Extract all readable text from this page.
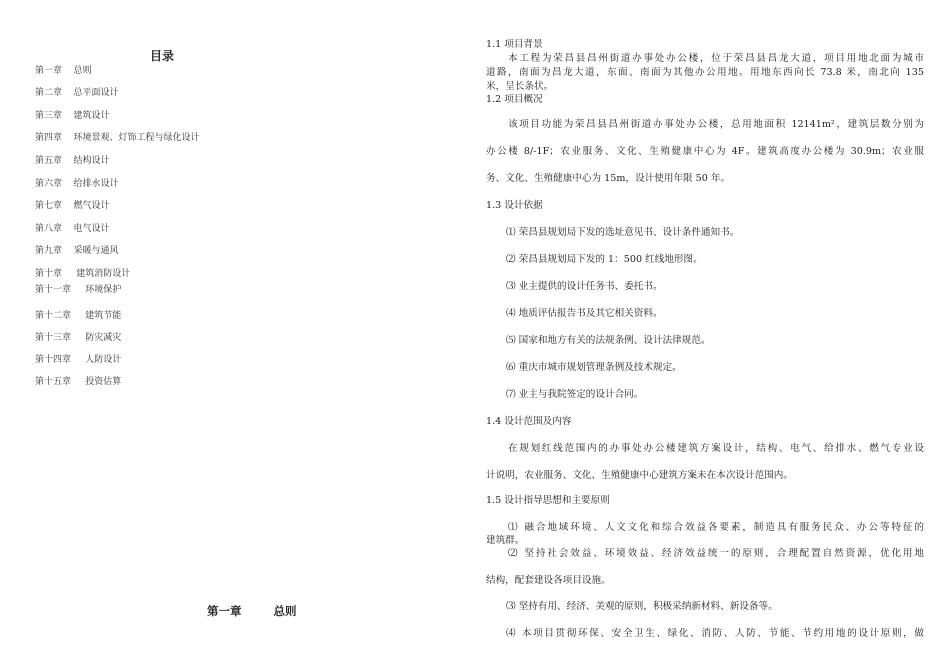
目录
第一章    总则
第二章    总平面设计
第三章    建筑设计
第四章    环境景观、灯饰工程与绿化设计
第五章    结构设计
第六章    给排水设计
第七章    燃气设计
第八章    电气设计
第九章    采暖与通风
第十章     建筑消防设计
第十一章     环境保护
第十二章     建筑节能
第十三章     防灾减灾
第十四章     人防设计
第十五章     投资估算
第一章        总则
1.1 项目背景
本工程为荣昌县昌州街道办事处办公楼，位于荣昌县昌龙大道，项目用地北面为城市
道路，南面为昌龙大道，东面、南面为其他办公用地。用地东西向长 73.8 米，南北向 135
米，呈长条状。
1.2 项目概况
该项目功能为荣昌县昌州街道办事处办公楼，总用地面积 12141m²，建筑层数分别为
办公楼 8/-1F；农业服务、文化、生殖健康中心为 4F。建筑高度办公楼为 30.9m；农业服
务、文化、生殖健康中心为 15m，设计使用年限 50 年。
1.3 设计依据
⑴ 荣昌县规划局下发的选址意见书、设计条件通知书。
⑵ 荣昌县规划局下发的 1：500 红线地形图。
⑶ 业主提供的设计任务书、委托书。
⑷ 地质评估报告书及其它相关资料。
⑸ 国家和地方有关的法规条例、设计法律规范。
⑹ 重庆市城市规划管理条例及技术规定。
⑺ 业主与我院签定的设计合同。
1.4 设计范围及内容
在规划红线范围内的办事处办公楼建筑方案设计，结构、电气、给排水、燃气专业设
计说明，农业服务、文化、生殖健康中心建筑方案未在本次设计范围内。
1.5 设计指导思想和主要原则
⑴ 融合地域环境、人文文化和综合效益各要素，制造具有服务民众、办公等特征的
建筑群。
⑵ 坚持社会效益、环境效益、经济效益统一的原则，合理配置自然资源，优化用地
结构，配套建设各项目设施。
⑶ 坚持有用、经济、美观的原则，积极采纳新材料、新设备等。
⑷ 本项目贯彻环保、安全卫生、绿化、消防、人防、节能、节约用地的设计原则，做
